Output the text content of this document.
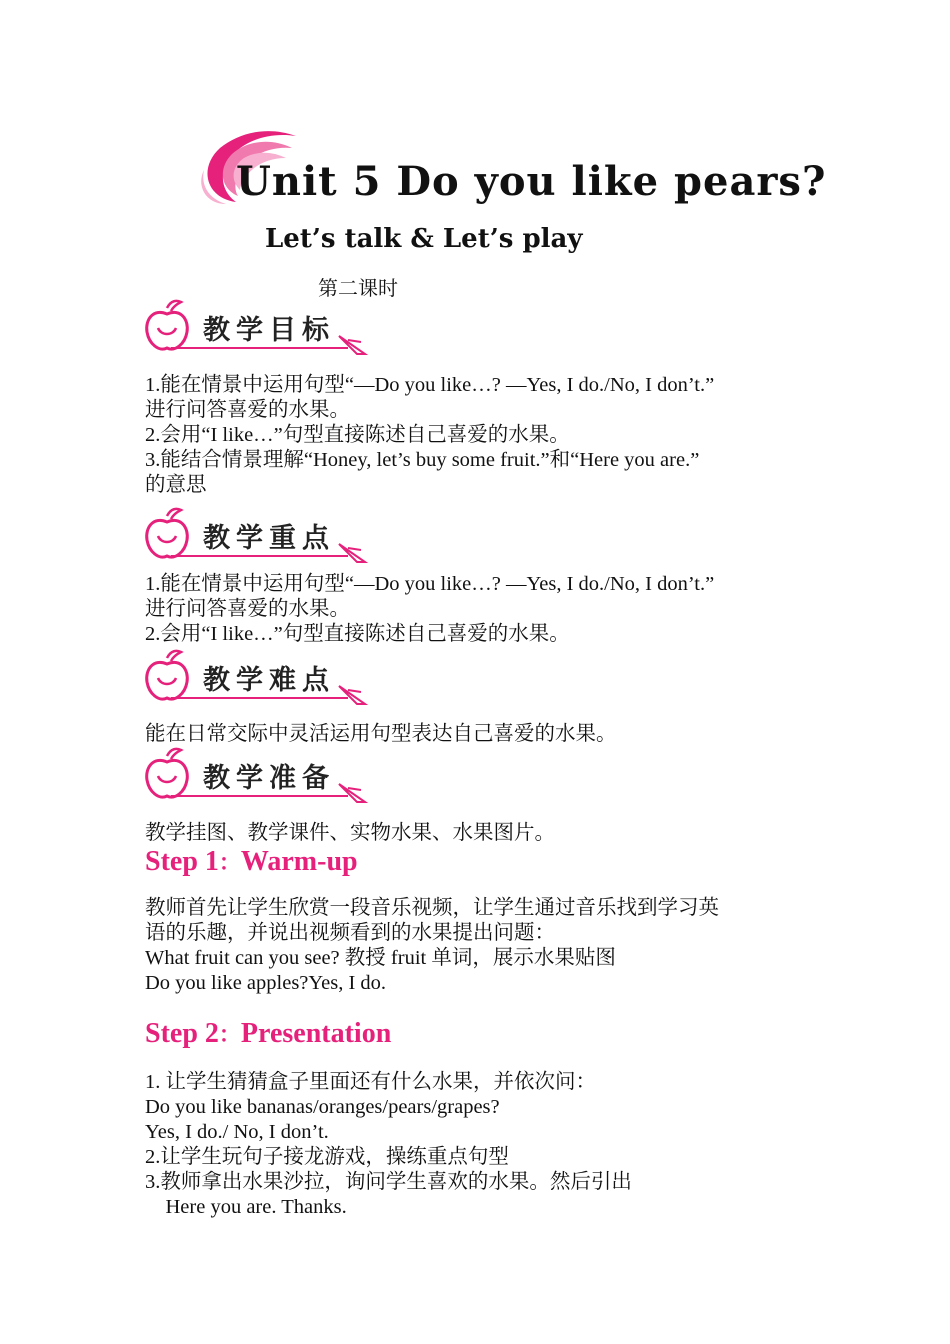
Unit 5 Do you like pears?
Let’s talk & Let’s play
第二课时
教学目标
1.能在情景中运用句型“—Do you like…? —Yes, I do./No, I don’t.”
进行问答喜爱的水果。
2.会用“I like…”句型直接陈述自己喜爱的水果。
3.能结合情景理解“Honey, let’s buy some fruit.”和“Here you are.”
的意思
教学重点
1.能在情景中运用句型“—Do you like…? —Yes, I do./No, I don’t.”
进行问答喜爱的水果。
2.会用“I like…”句型直接陈述自己喜爱的水果。
教学难点
能在日常交际中灵活运用句型表达自己喜爱的水果。
教学准备
教学挂图、教学课件、实物水果、水果图片。
Step 1：Warm-up
教师首先让学生欣赏一段音乐视频，让学生通过音乐找到学习英
语的乐趣，并说出视频看到的水果提出问题：
What fruit can you see? 教授 fruit 单词，展示水果贴图
Do you like apples?Yes, I do.
Step 2：Presentation
1. 让学生猜猜盒子里面还有什么水果，并依次问：
Do you like bananas/oranges/pears/grapes?
Yes, I do./ No, I don’t.
2.让学生玩句子接龙游戏，操练重点句型
3.教师拿出水果沙拉，询问学生喜欢的水果。然后引出
Here you are. Thanks.
